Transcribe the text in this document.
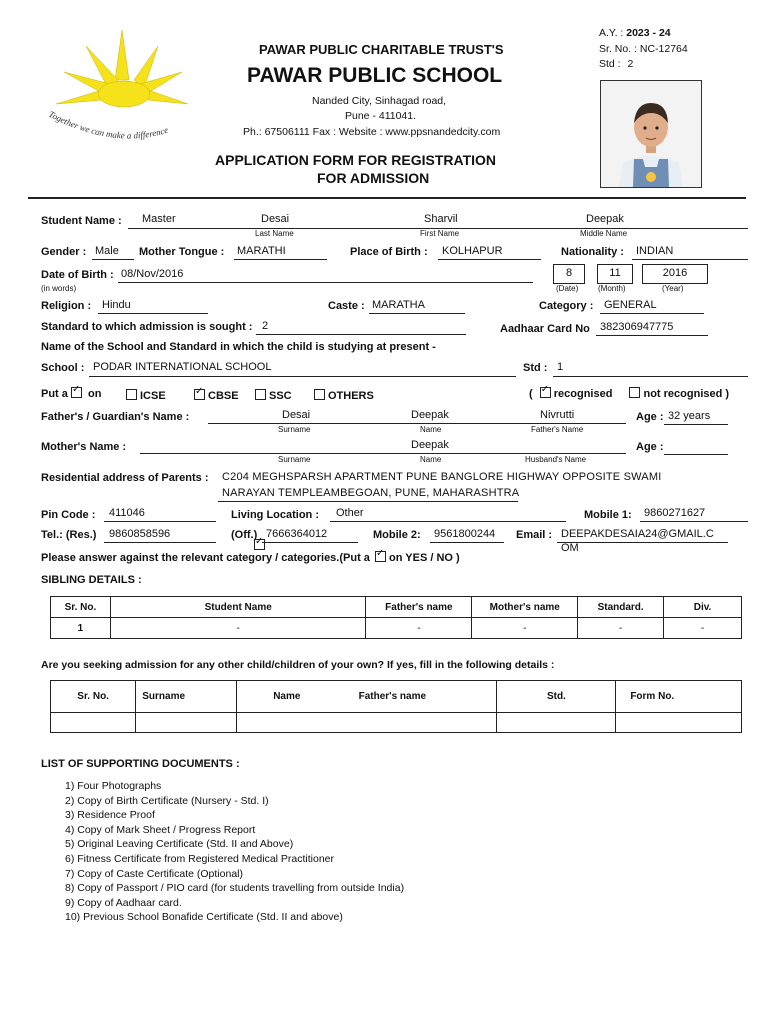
Together we can make a difference
PAWAR PUBLIC CHARITABLE TRUST'S
PAWAR PUBLIC SCHOOL
Nanded City, Sinhagad road,
Pune - 411041.
Ph.: 67506111 Fax : Website : www.ppsnandedcity.com
APPLICATION FORM FOR REGISTRATION
FOR ADMISSION
A.Y. : 2023 - 24
Sr. No. : NC-12764
Std : 2
Student Name : Master	Desai	Sharvil	Deepak
Last Name	First Name	Middle Name
Gender : Male Mother Tongue : MARATHI	Place of Birth : KOLHAPUR	Nationality : INDIAN
Date of Birth : 08/Nov/2016
(in words)
8	11	2016
(Date) (Month)	(Year)
Religion : Hindu	Caste : MARATHA	Category : GENERAL
Standard to which admission is sought : 2	Aadhaar Card No 382306947775
Name of the School and Standard in which the child is studying at present -
School : PODAR INTERNATIONAL SCHOOL	Std : 1
Put a ✓ on	ICSE ✓	CBSE	SSC	OTHERS	( ✓ recognised	not recognised )
Father's / Guardian's Name :	Desai	Deepak	Nivrutti
Surname	Name	Father's Name
Age : 32 years
Mother's Name :	Deepak
Surname	Name	Husband's Name
Age :
Residential address of Parents : C204 MEGHSPARSH APARTMENT PUNE BANGLORE HIGHWAY OPPOSITE SWAMI
NARAYAN TEMPLEAMBEGOAN, PUNE, MAHARASHTRA
Pin Code : 411046	Living Location : Other	Mobile 1: 9860271627
Tel.: (Res.) 9860858596	(Off.)
✓ 7666364012	Mobile 2: 9561800244 Email : DEEPAKDESAIA24@GMAIL.C
OM
Please answer against the relevant category / categories.(Put a ✓ on YES / NO )
SIBLING DETAILS :
Sr. No.	Student Name	Father's name	Mother's name	Standard.	Div.
1	-	-	-	-	-
Are you seeking admission for any other child/children of your own? If yes, fill in the following details :
Sr. No.	Surname	Name	Father's name	Std.	Form No.

LIST OF SUPPORTING DOCUMENTS :
1) Four Photographs
2) Copy of Birth Certificate (Nursery - Std. I)
3) Residence Proof
4) Copy of Mark Sheet / Progress Report
5) Original Leaving Certificate (Std. II and Above)
6) Fitness Certificate from Registered Medical Practitioner
7) Copy of Caste Certificate (Optional)
8) Copy of Passport / PIO card (for students travelling from outside India)
9) Copy of Aadhaar card.
10) Previous School Bonafide Certificate (Std. II and above)
